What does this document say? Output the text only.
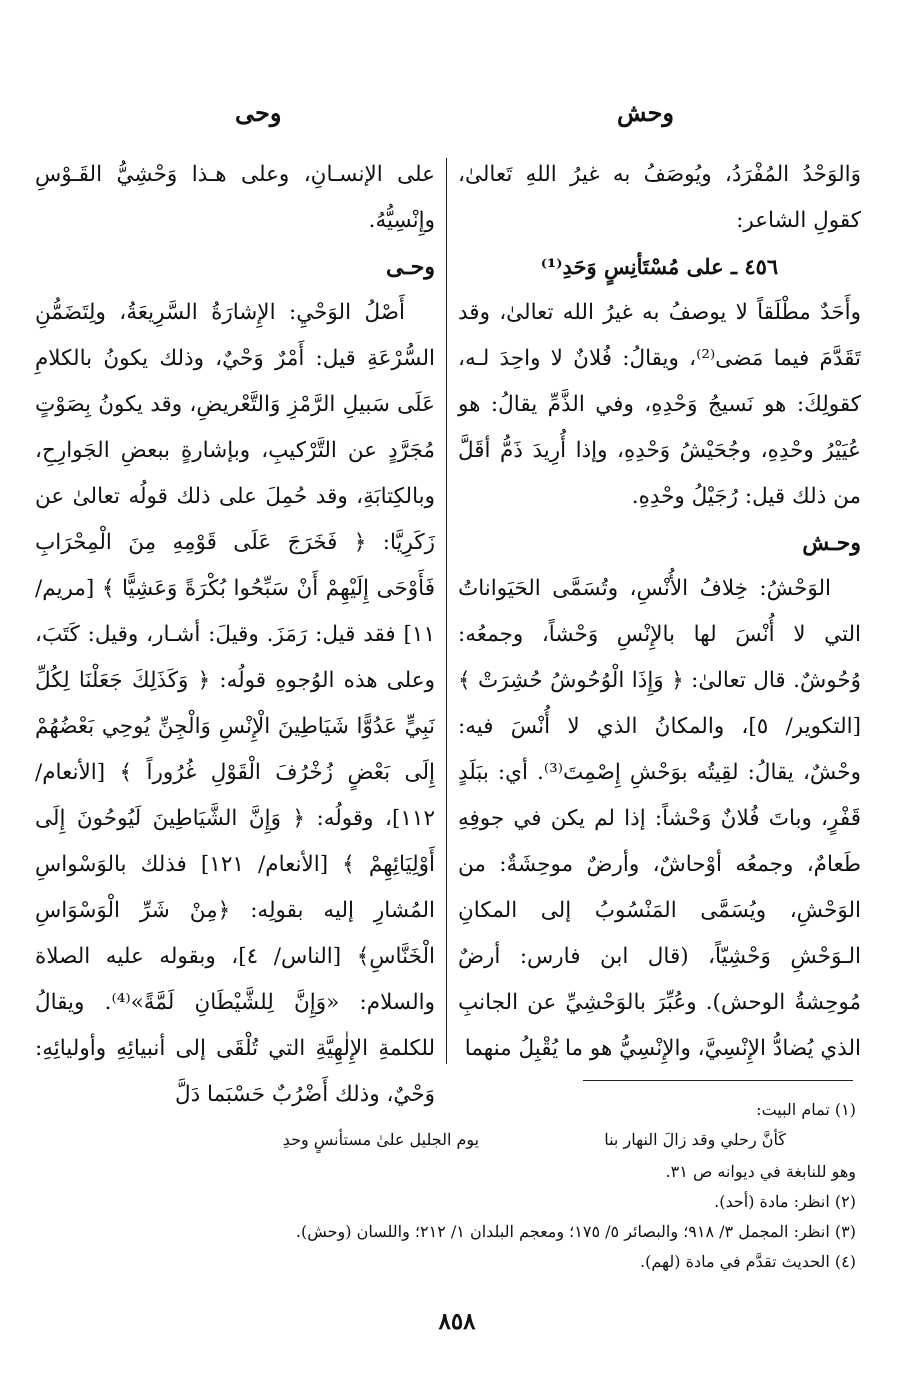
وحش
وحى

وَالوَحْدُ المُفْرَدُ، ويُوصَفُ به غيرُ اللهِ تَعالىٰ، كقولِ الشاعر:

٤٥٦ ـ على مُسْتَأنِسٍ وَحَدِ⁽¹⁾

وأَحَدٌ مطْلَقاً لا يوصفُ به غيرُ الله تعالىٰ، وقد تَقَدَّمَ فيما مَضى⁽²⁾، ويقالُ: فُلانٌ لا واحِدَ لـه، كقولِكَ: هو نَسيجُ وَحْدِهِ، وفي الذَّمِّ يقالُ: هو عُيَيْرُ وحْدِهِ، وجُحَيْشُ وَحْدِهِ، وإذا أُرِيدَ ذَمُّ أقَلَّ من ذلك قيل: رُجَيْلُ وحْدِهِ.

وحـش

الوَحْشُ: خِلافُ الأُنْسِ، وتُسَمَّى الحَيَواناتُ التي لا أُنْسَ لها بالإِنْسِ وَحْشاً، وجمعُه: وُحُوشٌ. قال تعالىٰ: ﴿ وَإِذَا الْوُحُوشُ حُشِرَتْ ﴾ [التكوير/ ٥]، والمكانُ الذي لا أُنْسَ فيه: وحْشٌ، يقالُ: لقِيتُه بوَحْشِ إِصْمِتَ⁽³⁾. أي: ببَلَدٍ قَفْرٍ، وباتَ فُلانٌ وَحْشاً: إذا لم يكن في جوفِهِ طَعامٌ، وجمعُه أوْحاشٌ، وأرضٌ موحِشَةٌ: من الوَحْشِ، ويُسَمَّى المَنْسُوبُ إلى المكانِ الـوَحْشِ وَحْشِيّاً، (قال ابن فارس: أرضٌ مُوحِشةُ الوحش). وعُبِّرَ بالوَحْشِيِّ عن الجانبِ الذي يُضادُّ الإِنْسِيَّ، والإِنْسِيُّ هو ما يُقْبِلُ منهما

على الإنسـانِ، وعلى هـذا وَحْشِيُّ القَـوْسِ وإِنْسِيُّهُ.

وحـى

أَصْلُ الوَحْيِ: الإِشارَةُ السَّرِيعَةُ، ولِتَضَمُّنِ السُّرْعَةِ قيل: أَمْرٌ وَحْيٌ، وذلك يكونُ بالكلامِ عَلَى سَبيلِ الرَّمْزِ وَالتَّعْريضِ، وقد يكونُ بِصَوْتٍ مُجَرَّدٍ عن التَّرْكيبِ، وبإشارةٍ ببعضِ الجَوارِحِ، وبالكِتابَةِ، وقد حُمِلَ على ذلك قولُه تعالىٰ عن زَكَرِيَّا: ﴿ فَخَرَجَ عَلَى قَوْمِهِ مِنَ الْمِحْرَابِ فَأَوْحَى إِلَيْهِمْ أَنْ سَبِّحُوا بُكْرَةً وَعَشِيًّا ﴾ [مريم/١١] فقد قيل: رَمَزَ. وقيلَ: أشـار، وقيل: كَتَبَ، وعلى هذه الوُجوهِ قولُه: ﴿ وَكَذَلِكَ جَعَلْنَا لِكُلِّ نَبِيٍّ عَدُوًّا شَيَاطِينَ الْإِنْسِ وَالْجِنِّ يُوحِي بَعْضُهُمْ إِلَى بَعْضٍ زُخْرُفَ الْقَوْلِ غُرُوراً ﴾ [الأنعام/ ١١٢]، وقولُه: ﴿ وَإِنَّ الشَّيَاطِينَ لَيُوحُونَ إِلَى أَوْلِيَائِهِمْ ﴾ [الأنعام/ ١٢١] فذلك بالوَسْواسِ المُشارِ إليه بقولِه: ﴿مِنْ شَرِّ الْوَسْوَاسِ الْخَنَّاسِ﴾ [الناس/ ٤]، وبقوله عليه الصلاة والسلام: «وَإِنَّ لِلشَّيْطَانِ لَمَّةً»⁽⁴⁾. ويقالُ للكلمةِ الإِلٰهِيَّةِ التي تُلْقَى إلى أنبيائِهِ وأوليائِهِ: وَحْيٌ، وذلك أَضْرُبٌ حَسْبَما دَلَّ

(١) تمام البيت:
كَأنَّ رحلي وقد زالَ النهار بنا يوم الجليل علىٰ مستأنسٍ وحدِ
وهو للنابغة في ديوانه ص ٣١.
(٢) انظر: مادة (أحد).
(٣) انظر: المجمل ٣/ ٩١٨؛ والبصائر ٥/ ١٧٥؛ ومعجم البلدان ١/ ٢١٢؛ واللسان (وحش).
(٤) الحديث تقدَّم في مادة (لهم).
٨٥٨
